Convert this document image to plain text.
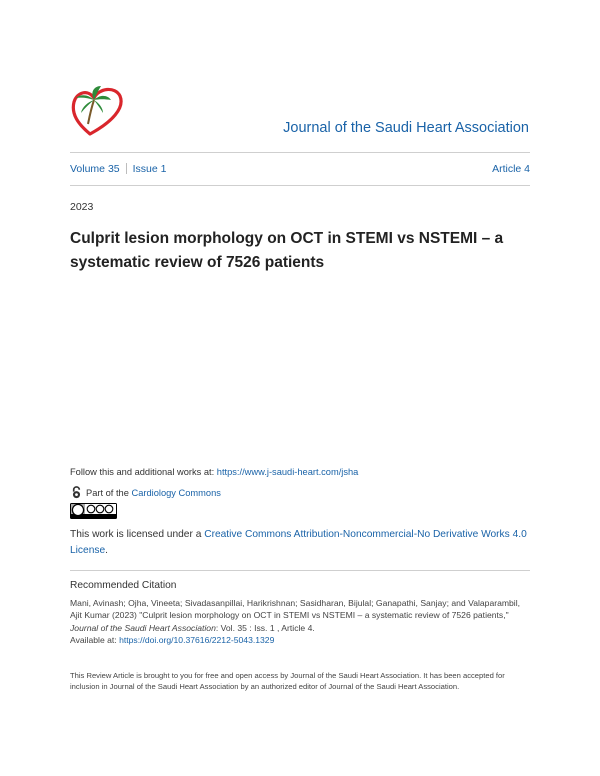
Journal of the Saudi Heart Association
Volume 35 Issue 1	Article 4
2023
Culprit lesion morphology on OCT in STEMI vs NSTEMI – a systematic review of 7526 patients
Follow this and additional works at: https://www.j-saudi-heart.com/jsha
Part of the Cardiology Commons
This work is licensed under a Creative Commons Attribution-Noncommercial-No Derivative Works 4.0 License.
Recommended Citation
Mani, Avinash; Ojha, Vineeta; Sivadasanpillai, Harikrishnan; Sasidharan, Bijulal; Ganapathi, Sanjay; and Valaparambil, Ajit Kumar (2023) "Culprit lesion morphology on OCT in STEMI vs NSTEMI – a systematic review of 7526 patients," Journal of the Saudi Heart Association: Vol. 35 : Iss. 1 , Article 4.
Available at: https://doi.org/10.37616/2212-5043.1329
This Review Article is brought to you for free and open access by Journal of the Saudi Heart Association. It has been accepted for inclusion in Journal of the Saudi Heart Association by an authorized editor of Journal of the Saudi Heart Association.
